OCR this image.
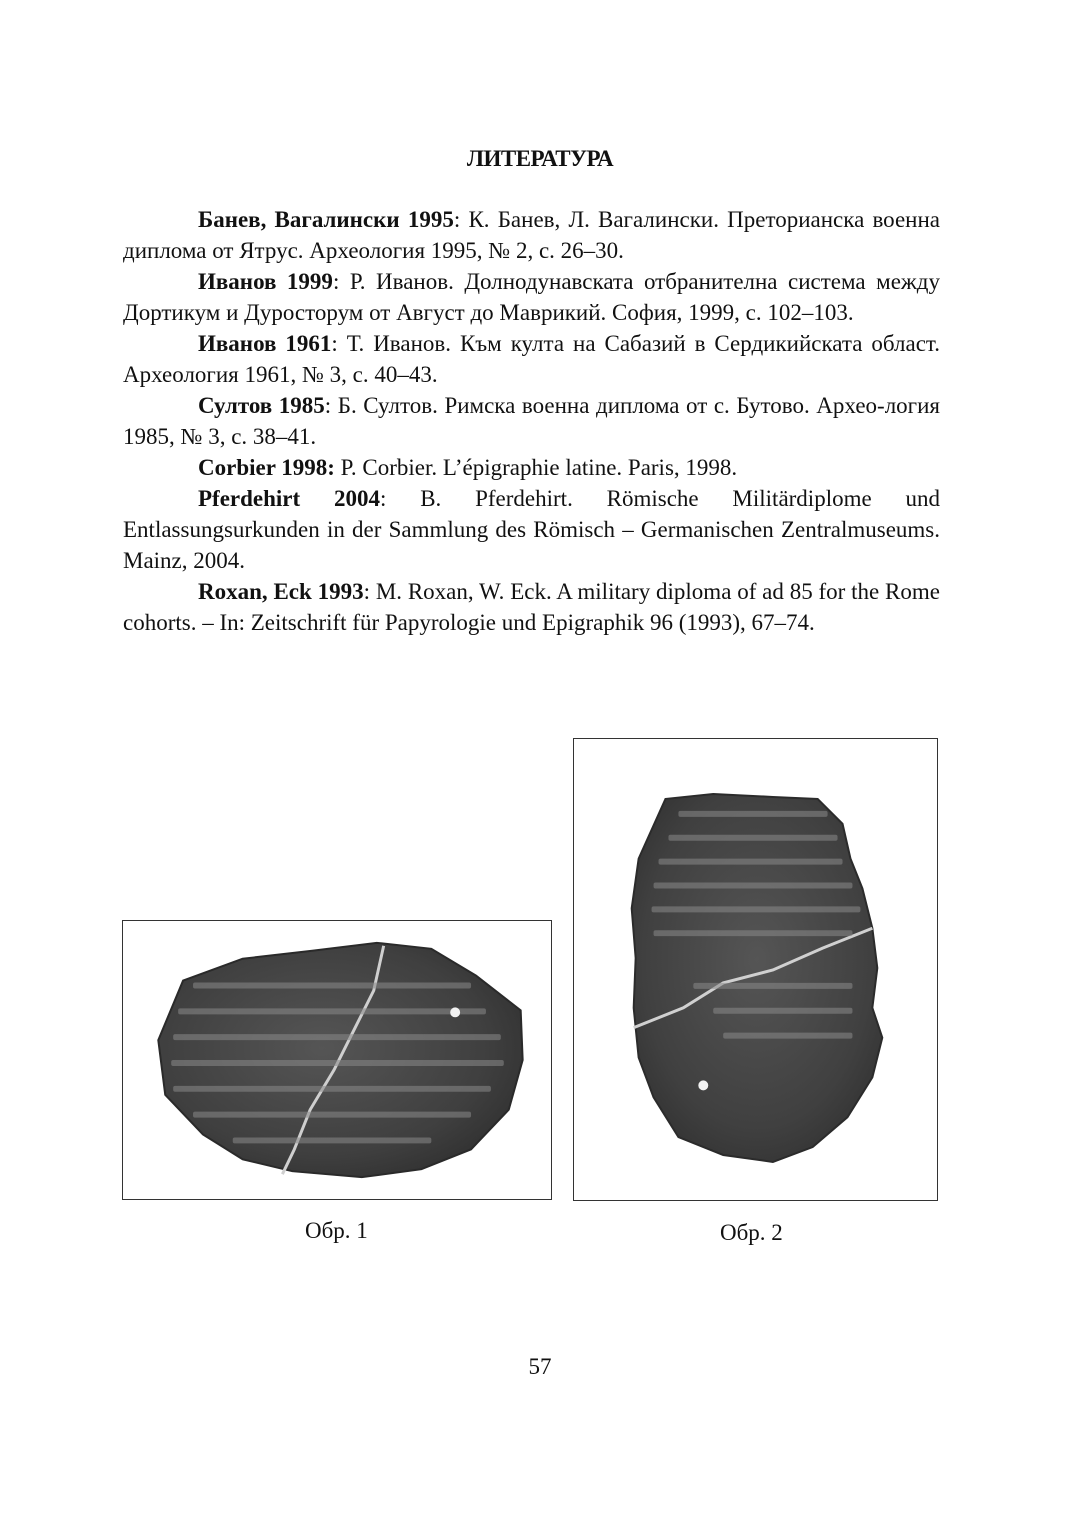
ЛИТЕРАТУРА

Банев, Вагалински 1995: К. Банев, Л. Вагалински. Преторианска военна диплома от Ятрус. Археология 1995, № 2, с. 26–30.

Иванов 1999: Р. Иванов. Долнодунавската отбранителна система между Дортикум и Дуросторум от Август до Маврикий. София, 1999, с. 102–103.

Иванов 1961: Т. Иванов. Към култа на Сабазий в Сердикийската област. Археология 1961, № 3, с. 40–43.

Султов 1985: Б. Султов. Римска военна диплома от с. Бутово. Архео-логия 1985, № 3, с. 38–41.

Corbier 1998: P. Corbier. L’épigraphie latine. Paris, 1998.

Pferdehirt 2004: B. Pferdehirt. Römische Militärdiplome und Entlassungsurkunden in der Sammlung des Römisch – Germanischen Zentralmuseums. Mainz, 2004.

Roxan, Eck 1993: M. Roxan, W. Eck. A military diploma of ad 85 for the Rome cohorts. – In: Zeitschrift für Papyrologie und Epigraphik 96 (1993), 67–74.

Обр. 1	Обр. 2
57
